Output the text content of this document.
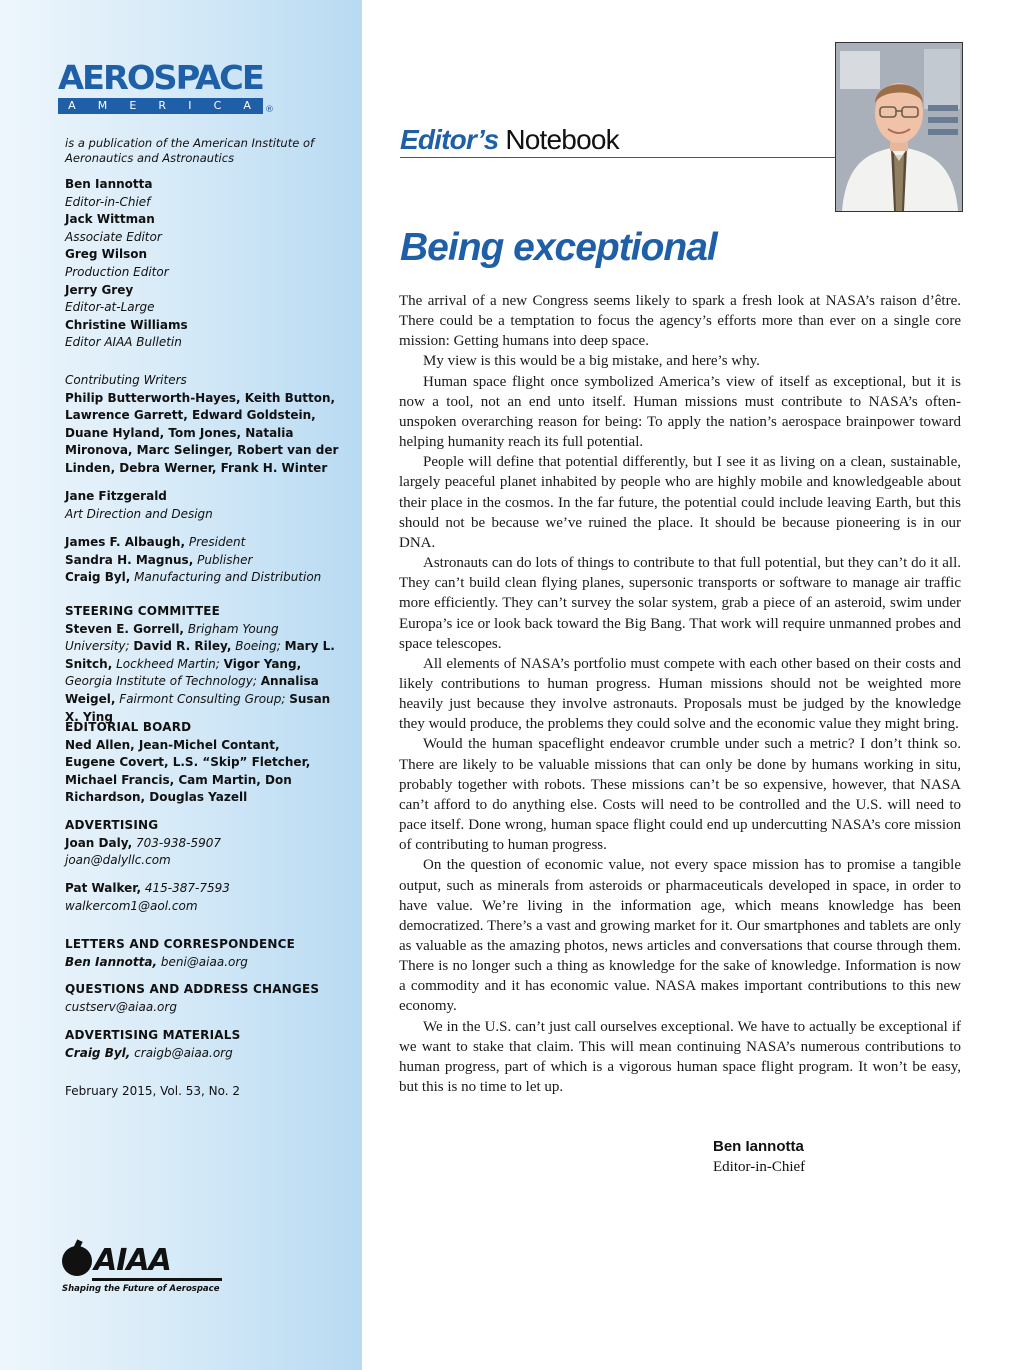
AEROSPACE
A M E R I C A ®
is a publication of the American Institute of Aeronautics and Astronautics
Ben Iannotta
Editor-in-Chief
Jack Wittman
Associate Editor
Greg Wilson
Production Editor
Jerry Grey
Editor-at-Large
Christine Williams
Editor AIAA Bulletin
Contributing Writers
Philip Butterworth-Hayes, Keith Button, Lawrence Garrett, Edward Goldstein, Duane Hyland, Tom Jones, Natalia Mironova, Marc Selinger, Robert van der Linden, Debra Werner, Frank H. Winter
Jane Fitzgerald
Art Direction and Design
James F. Albaugh, President
Sandra H. Magnus, Publisher
Craig Byl, Manufacturing and Distribution
STEERING COMMITTEE
Steven E. Gorrell, Brigham Young University; David R. Riley, Boeing; Mary L. Snitch, Lockheed Martin; Vigor Yang, Georgia Institute of Technology; Annalisa Weigel, Fairmont Consulting Group; Susan X. Ying
EDITORIAL BOARD
Ned Allen, Jean-Michel Contant, Eugene Covert, L.S. “Skip” Fletcher, Michael Francis, Cam Martin, Don Richardson, Douglas Yazell
ADVERTISING
Joan Daly, 703-938-5907
joan@dalyllc.com
Pat Walker, 415-387-7593
walkercom1@aol.com
LETTERS AND CORRESPONDENCE
Ben Iannotta, beni@aiaa.org
QUESTIONS AND ADDRESS CHANGES
custserv@aiaa.org
ADVERTISING MATERIALS
Craig Byl, craigb@aiaa.org
February 2015, Vol. 53, No. 2
AIAA
Shaping the Future of Aerospace
Editor’s Notebook
Being exceptional

The arrival of a new Congress seems likely to spark a fresh look at NASA’s raison d’être. There could be a temptation to focus the agency’s efforts more than ever on a single core mission: Getting humans into deep space.

My view is this would be a big mistake, and here’s why.

Human space flight once symbolized America’s view of itself as exceptional, but it is now a tool, not an end unto itself. Human missions must contribute to NASA’s often-unspoken overarching reason for being: To apply the nation’s aerospace brainpower toward helping humanity reach its full potential.

People will define that potential differently, but I see it as living on a clean, sustainable, largely peaceful planet inhabited by people who are highly mobile and knowledgeable about their place in the cosmos. In the far future, the potential could include leaving Earth, but this should not be because we’ve ruined the place. It should be because pioneering is in our DNA.

Astronauts can do lots of things to contribute to that full potential, but they can’t do it all. They can’t build clean flying planes, supersonic transports or software to manage air traffic more efficiently. They can’t survey the solar system, grab a piece of an asteroid, swim under Europa’s ice or look back toward the Big Bang. That work will require unmanned probes and space telescopes.

All elements of NASA’s portfolio must compete with each other based on their costs and likely contributions to human progress. Human missions should not be weighted more heavily just because they involve astronauts. Proposals must be judged by the knowledge they would produce, the problems they could solve and the economic value they might bring.

Would the human spaceflight endeavor crumble under such a metric? I don’t think so. There are likely to be valuable missions that can only be done by humans working in situ, probably together with robots. These missions can’t be so expensive, however, that NASA can’t afford to do anything else. Costs will need to be controlled and the U.S. will need to pace itself. Done wrong, human space flight could end up undercutting NASA’s core mission of contributing to human progress.

On the question of economic value, not every space mission has to promise a tangible output, such as minerals from asteroids or pharmaceuticals developed in space, in order to have value. We’re living in the information age, which means knowledge has been democratized. There’s a vast and growing market for it. Our smartphones and tablets are only as valuable as the amazing photos, news articles and conversations that course through them. There is no longer such a thing as knowledge for the sake of knowledge. Information is now a commodity and it has economic value. NASA makes important contributions to this new economy.

We in the U.S. can’t just call ourselves exceptional. We have to actually be exceptional if we want to stake that claim. This will mean continuing NASA’s numerous contributions to human progress, part of which is a vigorous human space flight program. It won’t be easy, but this is no time to let up.

Ben Iannotta
Editor-in-Chief
